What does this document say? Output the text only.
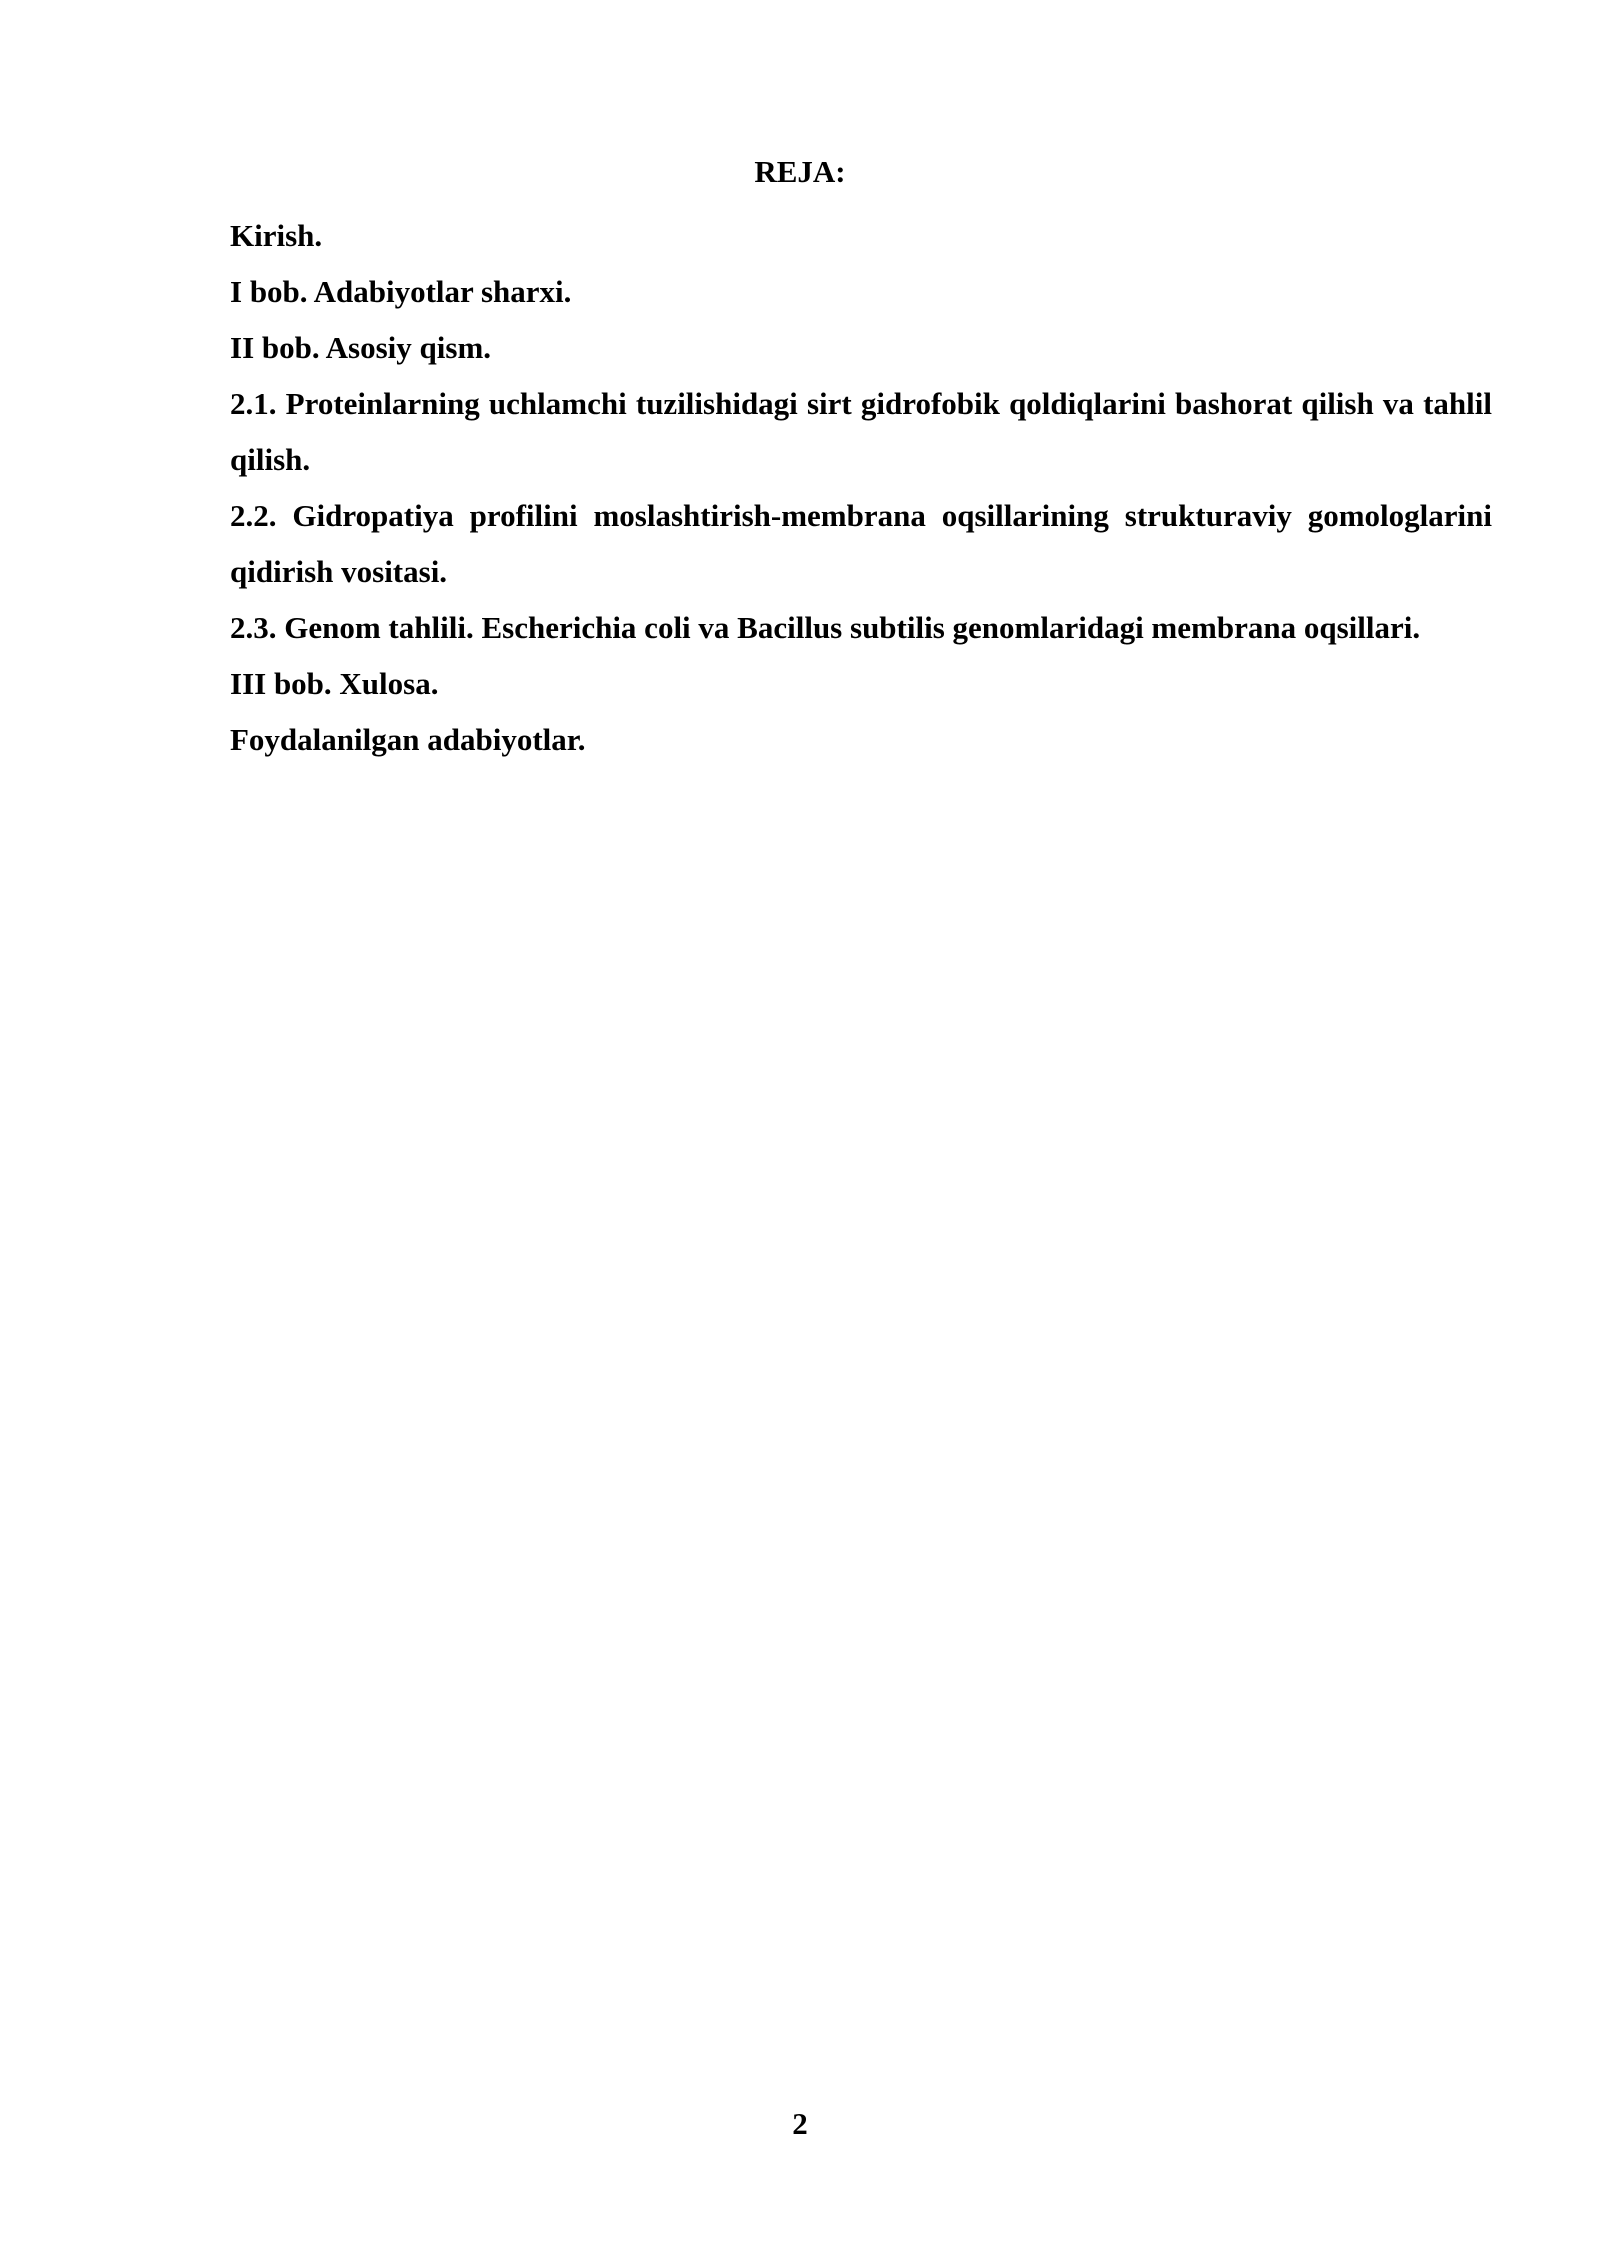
REJA:
Kirish.
I bob. Adabiyotlar sharxi.
II bob. Asosiy qism.
2.1. Proteinlarning uchlamchi tuzilishidagi sirt gidrofobik qoldiqlarini bashorat qilish va tahlil qilish.
2.2. Gidropatiya profilini moslashtirish-membrana oqsillarining strukturaviy gomologlarini qidirish vositasi.
2.3. Genom tahlili. Escherichia coli va Bacillus subtilis genomlaridagi membrana oqsillari.
III bob. Xulosa.
Foydalanilgan adabiyotlar.
2
